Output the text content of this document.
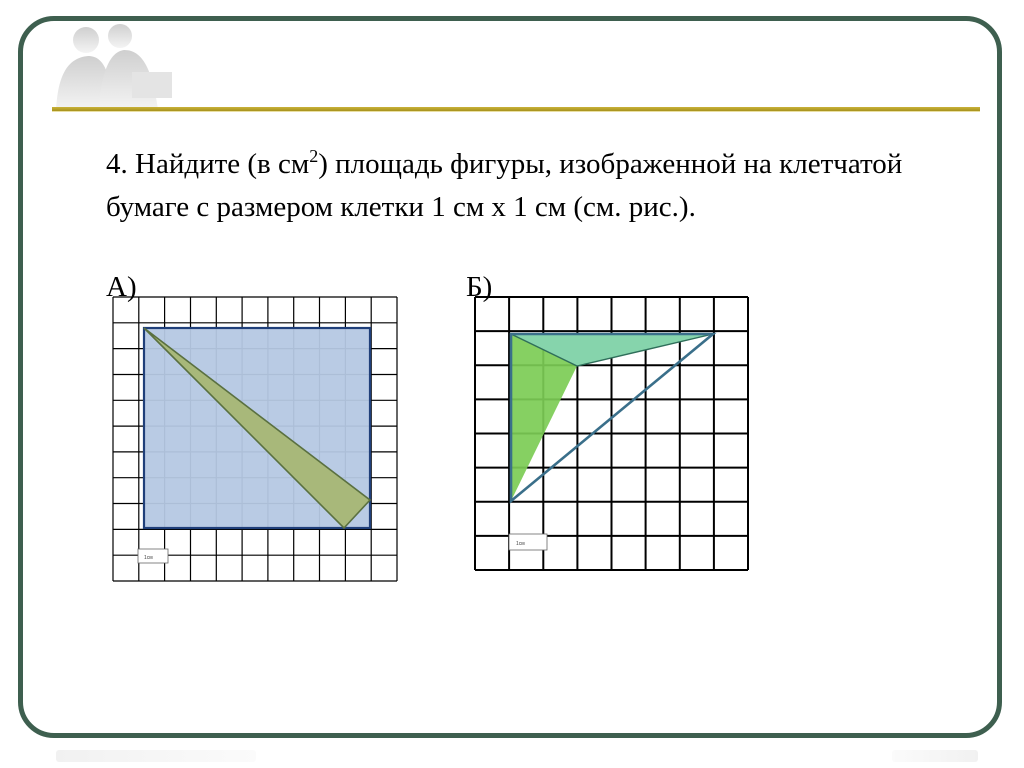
4. Найдите (в $см^2$) площадь фигуры, изображенной на клетчатой бумаге с размером клетки 1 см х 1 см (см. рис.).
А)	Б)
1см
1см
